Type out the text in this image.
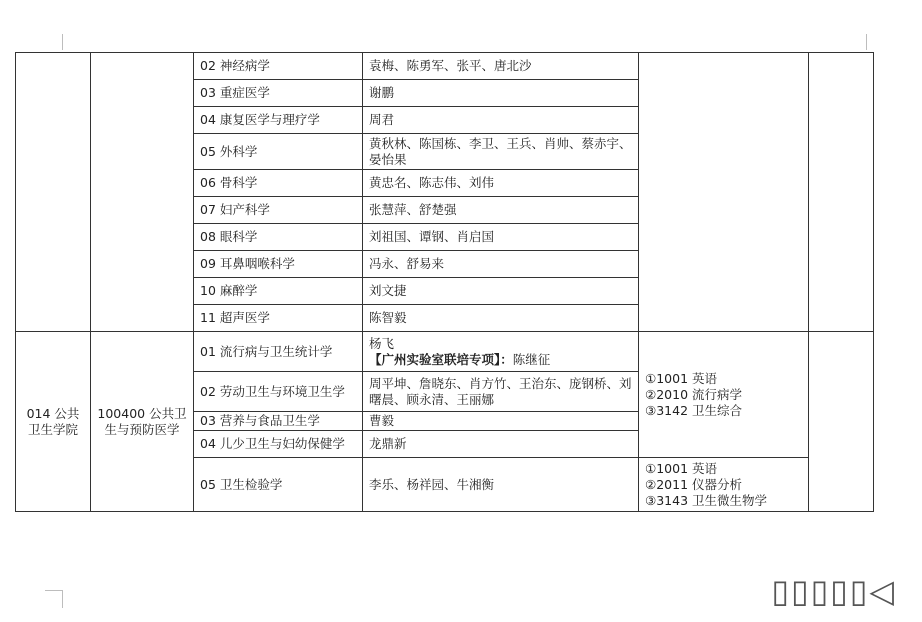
		02 神经病学	袁梅、陈勇军、张平、唐北沙		
		03 重症医学	谢鹏		
		04 康复医学与理疗学	周君		
		05 外科学	黄秋林、陈国栋、李卫、王兵、肖帅、蔡赤宇、晏怡果		
		06 骨科学	黄忠名、陈志伟、刘伟		
		07 妇产科学	张慧萍、舒楚强		
		08 眼科学	刘祖国、谭钢、肖启国		
		09 耳鼻咽喉科学	冯永、舒易来		
		10 麻醉学	刘文捷		
		11 超声医学	陈智毅		
014 公共卫生学院	100400 公共卫生与预防医学	01 流行病与卫生统计学	杨飞
【广州实验室联培专项】：陈继征	①1001 英语
②2010 流行病学
③3142 卫生综合	

		02 劳动卫生与环境卫生学	周平坤、詹晓东、肖方竹、王治东、庞钢桥、刘曙晨、顾永清、王丽娜		
		03 营养与食品卫生学	曹毅		
		04 儿少卫生与妇幼保健学	龙鼎新		
		05 卫生检验学	李乐、杨祥园、牛湘衡	①1001 英语
②2011 仪器分析
③3143 卫生微生物学	
▯▯▯▯▯◁
